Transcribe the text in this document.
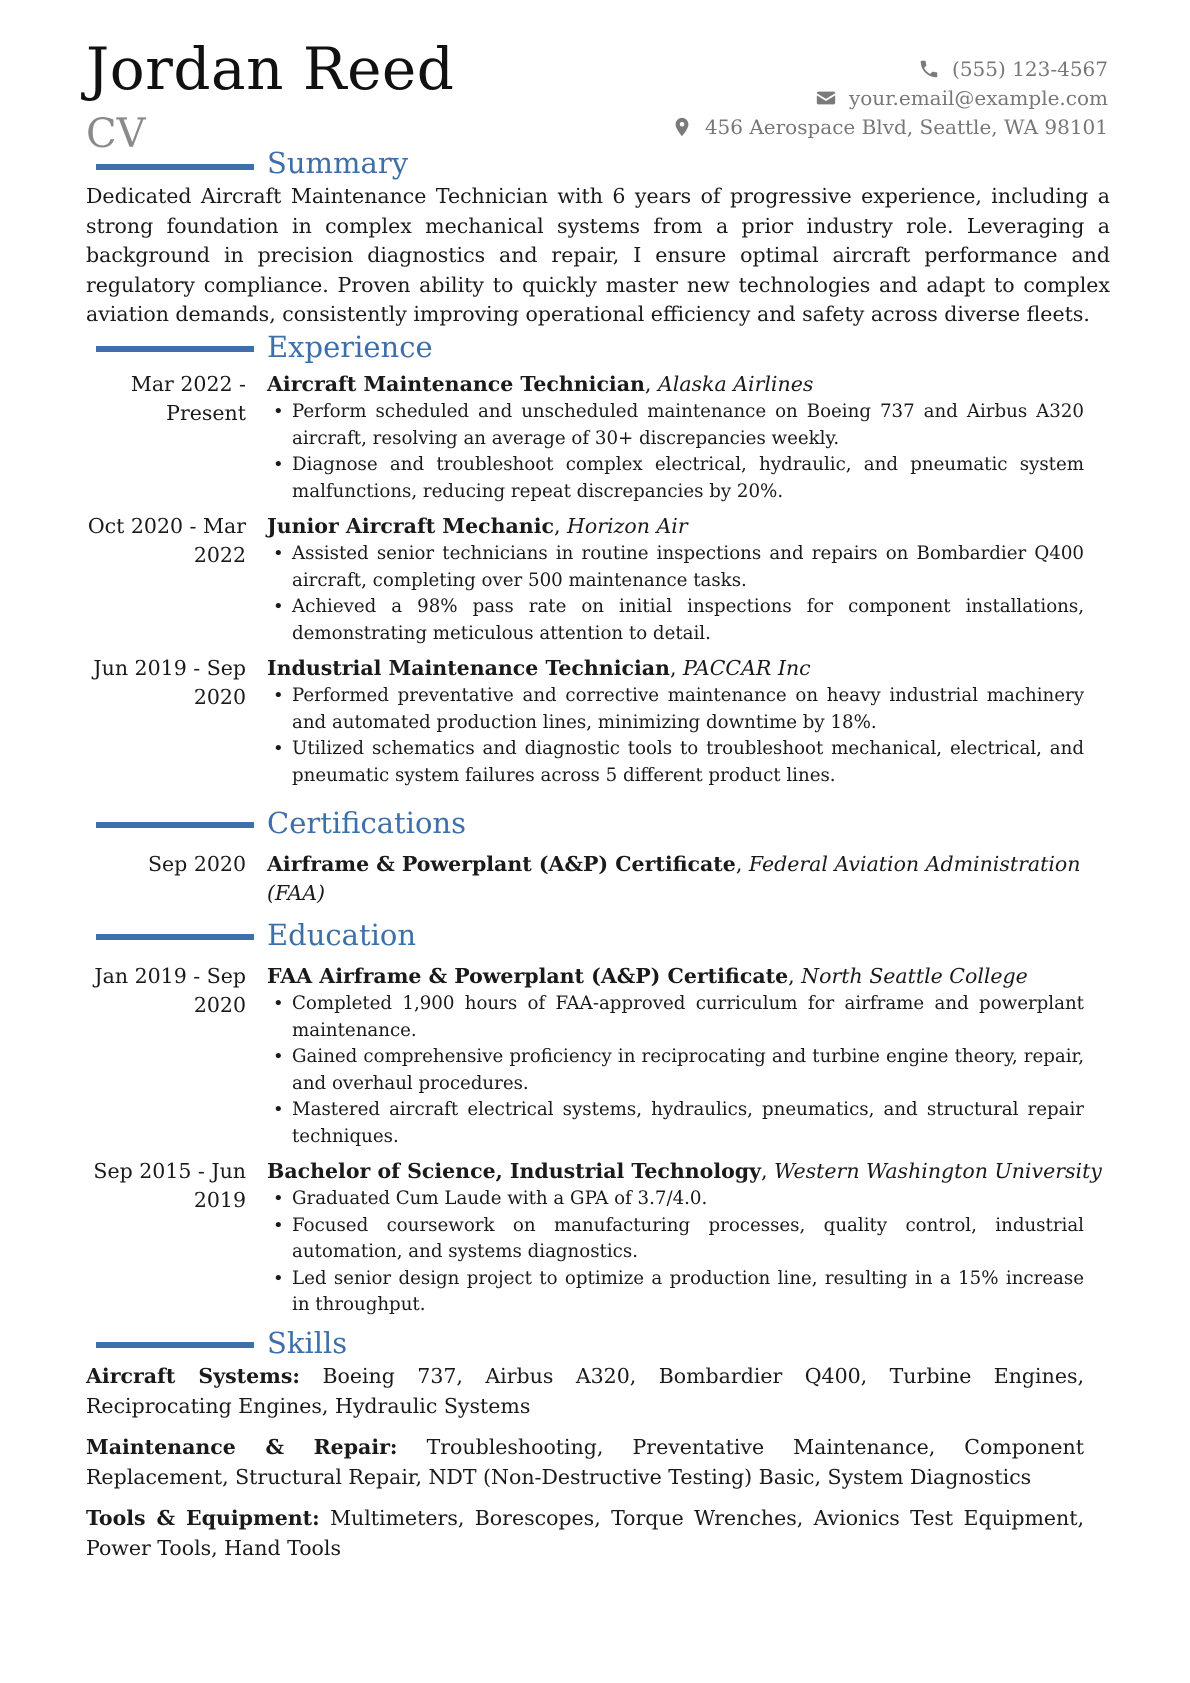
Jordan Reed
CV
(555) 123-4567
your.email@example.com
456 Aerospace Blvd, Seattle, WA 98101
Summary

Dedicated Aircraft Maintenance Technician with 6 years of progressive experience, including a strong foundation in complex mechanical systems from a prior industry role. Leveraging a background in precision diagnostics and repair, I ensure optimal aircraft performance and regulatory compliance. Proven ability to quickly master new technologies and adapt to complex aviation demands, consistently improving operational efficiency and safety across diverse fleets.

Experience
Mar 2022 - Present
Aircraft Maintenance Technician, Alaska Airlines
• Perform scheduled and unscheduled maintenance on Boeing 737 and Airbus A320 aircraft, resolving an average of 30+ discrepancies weekly.
• Diagnose and troubleshoot complex electrical, hydraulic, and pneumatic system malfunctions, reducing repeat discrepancies by 20%.
Oct 2020 - Mar 2022
Junior Aircraft Mechanic, Horizon Air
• Assisted senior technicians in routine inspections and repairs on Bombardier Q400 aircraft, completing over 500 maintenance tasks.
• Achieved a 98% pass rate on initial inspections for component installations, demonstrating meticulous attention to detail.
Jun 2019 - Sep 2020
Industrial Maintenance Technician, PACCAR Inc
• Performed preventative and corrective maintenance on heavy industrial machinery and automated production lines, minimizing downtime by 18%.
• Utilized schematics and diagnostic tools to troubleshoot mechanical, electrical, and pneumatic system failures across 5 different product lines.
Certifications
Sep 2020	Airframe & Powerplant (A&P) Certificate, Federal Aviation Administration (FAA)
Education
Jan 2019 - Sep 2020
FAA Airframe & Powerplant (A&P) Certificate, North Seattle College
• Completed 1,900 hours of FAA-approved curriculum for airframe and powerplant maintenance.
• Gained comprehensive proficiency in reciprocating and turbine engine theory, repair, and overhaul procedures.
• Mastered aircraft electrical systems, hydraulics, pneumatics, and structural repair techniques.
Sep 2015 - Jun 2019
Bachelor of Science, Industrial Technology, Western Washington University
• Graduated Cum Laude with a GPA of 3.7/4.0.
• Focused coursework on manufacturing processes, quality control, industrial automation, and systems diagnostics.
• Led senior design project to optimize a production line, resulting in a 15% increase in throughput.
Skills
Aircraft Systems: Boeing 737, Airbus A320, Bombardier Q400, Turbine Engines, Reciprocating Engines, Hydraulic Systems
Maintenance & Repair: Troubleshooting, Preventative Maintenance, Component Replacement, Structural Repair, NDT (Non-Destructive Testing) Basic, System Diagnostics
Tools & Equipment: Multimeters, Borescopes, Torque Wrenches, Avionics Test Equipment, Power Tools, Hand Tools
